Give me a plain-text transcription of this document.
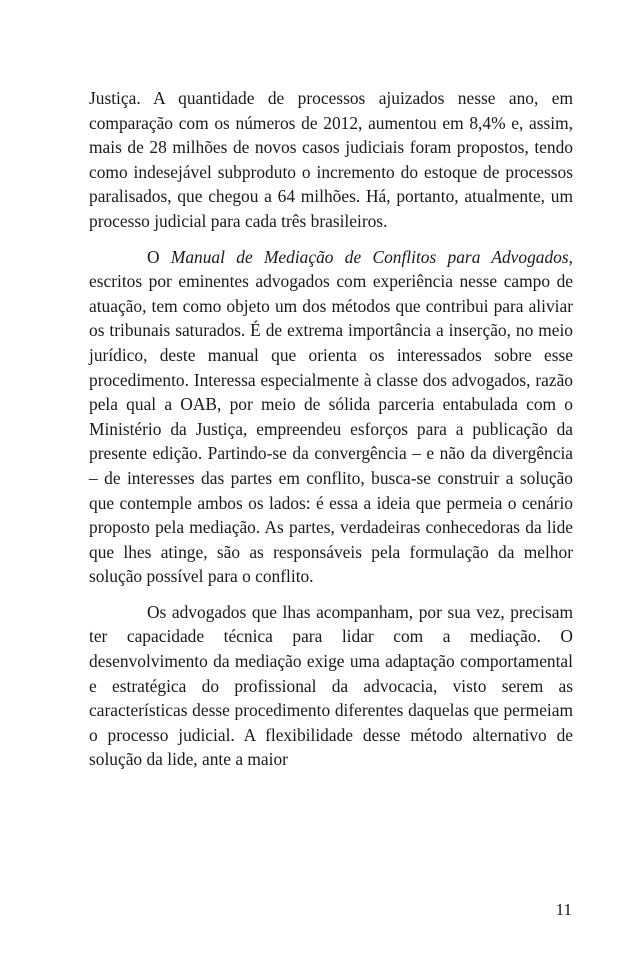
Justiça. A quantidade de processos ajuizados nesse ano, em comparação com os números de 2012, aumentou em 8,4% e, assim, mais de 28 milhões de novos casos judiciais foram propostos, tendo como indesejável subproduto o incremento do estoque de processos paralisados, que chegou a 64 milhões. Há, portanto, atualmente, um processo judicial para cada três brasileiros.

O Manual de Mediação de Conflitos para Advogados, escritos por eminentes advogados com experiência nesse campo de atuação, tem como objeto um dos métodos que contribui para aliviar os tribunais saturados. É de extrema importância a inserção, no meio jurídico, deste manual que orienta os interessados sobre esse procedimento. Interessa especialmente à classe dos advogados, razão pela qual a OAB, por meio de sólida parceria entabulada com o Ministério da Justiça, empreendeu esforços para a publicação da presente edição. Partindo-se da convergência – e não da divergência – de interesses das partes em conflito, busca-se construir a solução que contemple ambos os lados: é essa a ideia que permeia o cenário proposto pela mediação. As partes, verdadeiras conhecedoras da lide que lhes atinge, são as responsáveis pela formulação da melhor solução possível para o conflito.

Os advogados que lhas acompanham, por sua vez, precisam ter capacidade técnica para lidar com a mediação. O desenvolvimento da mediação exige uma adaptação comportamental e estratégica do profissional da advocacia, visto serem as características desse procedimento diferentes daquelas que permeiam o processo judicial. A flexibilidade desse método alternativo de solução da lide, ante a maior

11
